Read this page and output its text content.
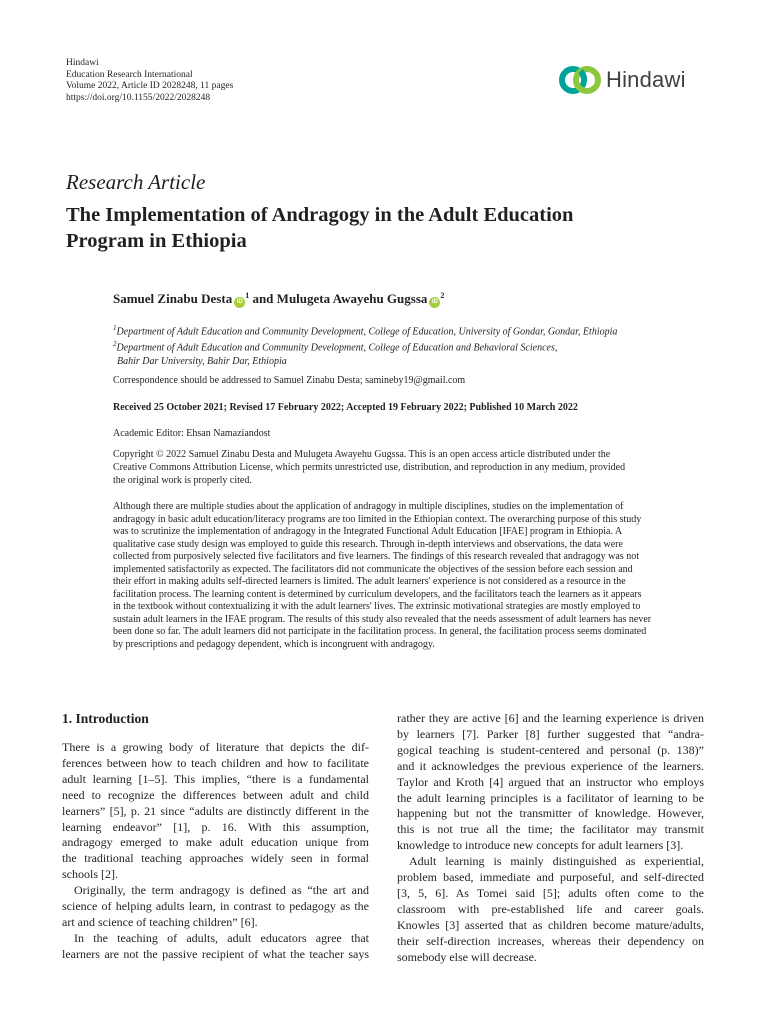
Hindawi
Education Research International
Volume 2022, Article ID 2028248, 11 pages
https://doi.org/10.1155/2022/2028248
Hindawi
Research Article
The Implementation of Andragogy in the Adult Education
Program in Ethiopia
Samuel Zinabu Desta $iD^1$ and Mulugeta Awayehu Gugssa $iD^2$
$^1$Department of Adult Education and Community Development, College of Education, University of Gondar, Gondar, Ethiopia
$^2$Department of Adult Education and Community Development, College of Education and Behavioral Sciences,
Bahir Dar University, Bahir Dar, Ethiopia
Correspondence should be addressed to Samuel Zinabu Desta; samineby19@gmail.com
Received 25 October 2021; Revised 17 February 2022; Accepted 19 February 2022; Published 10 March 2022
Academic Editor: Ehsan Namaziandost
Copyright © 2022 Samuel Zinabu Desta and Mulugeta Awayehu Gugssa. This is an open access article distributed under the
Creative Commons Attribution License, which permits unrestricted use, distribution, and reproduction in any medium, provided
the original work is properly cited.
Although there are multiple studies about the application of andragogy in multiple disciplines, studies on the implementation of
andragogy in basic adult education/literacy programs are too limited in the Ethiopian context. The overarching purpose of this study
was to scrutinize the implementation of andragogy in the Integrated Functional Adult Education [IFAE] program in Ethiopia. A
qualitative case study design was employed to guide this research. Through in-depth interviews and observations, the data were
collected from purposively selected five facilitators and five learners. The findings of this research revealed that andragogy was not
implemented satisfactorily as expected. The facilitators did not communicate the objectives of the session before each session and
their effort in making adults self-directed learners is limited. The adult learners' experience is not considered as a resource in the
facilitation process. The learning content is determined by curriculum developers, and the facilitators teach the learners as it appears
in the textbook without contextualizing it with the adult learners' lives. The extrinsic motivational strategies are mostly employed to
sustain adult learners in the IFAE program. The results of this study also revealed that the needs assessment of adult learners has never
been done so far. The adult learners did not participate in the facilitation process. In general, the facilitation process seems dominated
by prescriptions and pedagogy dependent, which is incongruent with andragogy.
1. Introduction
There is a growing body of literature that depicts the dif-
ferences between how to teach children and how to facilitate
adult learning [1–5]. This implies, “there is a fundamental
need to recognize the differences between adult and child
learners” [5], p. 21 since “adults are distinctly different in the
learning endeavor” [1], p. 16. With this assumption,
andragogy emerged to make adult education unique from
the traditional teaching approaches widely seen in formal
schools [2].
Originally, the term andragogy is defined as “the art and
science of helping adults learn, in contrast to pedagogy as the
art and science of teaching children” [6].
In the teaching of adults, adult educators agree that
learners are not the passive recipient of what the teacher says
rather they are active [6] and the learning experience is driven
by learners [7]. Parker [8] further suggested that “andra-
gogical teaching is student-centered and personal (p. 138)”
and it acknowledges the previous experience of the learners.
Taylor and Kroth [4] argued that an instructor who employs
the adult learning principles is a facilitator of learning to be
happening but not the transmitter of knowledge. However,
this is not true all the time; the facilitator may transmit
knowledge to introduce new concepts for adult learners [3].
Adult learning is mainly distinguished as experiential,
problem based, immediate and purposeful, and self-directed
[3, 5, 6]. As Tomei said [5]; adults often come to the
classroom with pre-established life and career goals.
Knowles [3] asserted that as children become mature/adults,
their self-direction increases, whereas their dependency on
somebody else will decrease.
